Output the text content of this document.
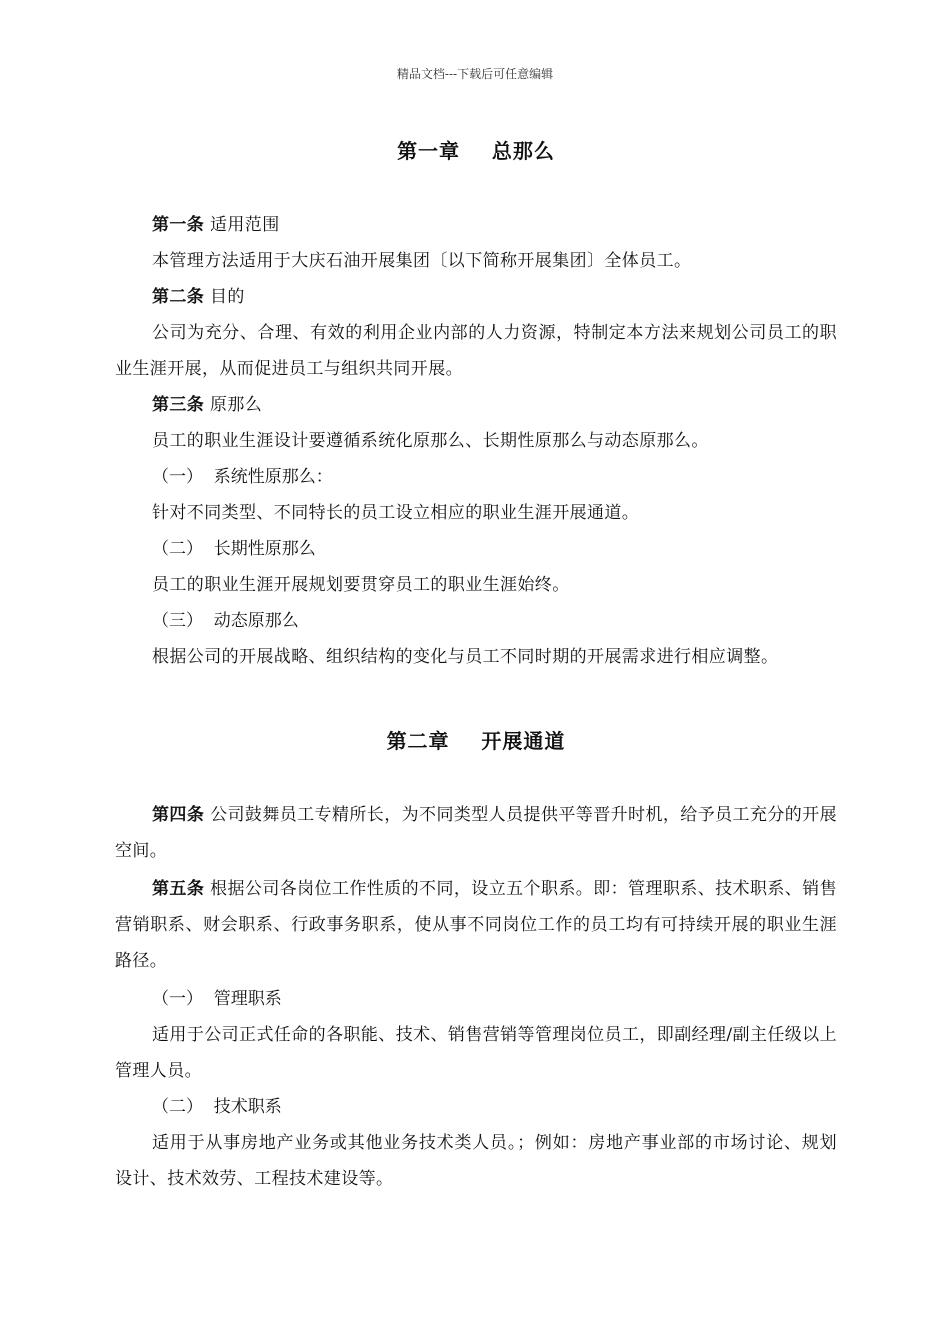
精品文档---下载后可任意编辑
第一章    总那么
第一条 适用范围
本管理方法适用于大庆石油开展集团〔以下简称开展集团〕全体员工。
第二条 目的
公司为充分、合理、有效的利用企业内部的人力资源，特制定本方法来规划公司员工的职业生涯开展，从而促进员工与组织共同开展。
第三条 原那么
员工的职业生涯设计要遵循系统化原那么、长期性原那么与动态原那么。
（一）  系统性原那么：
针对不同类型、不同特长的员工设立相应的职业生涯开展通道。
（二）  长期性原那么
员工的职业生涯开展规划要贯穿员工的职业生涯始终。
（三）  动态原那么
根据公司的开展战略、组织结构的变化与员工不同时期的开展需求进行相应调整。
第二章    开展通道
第四条 公司鼓舞员工专精所长，为不同类型人员提供平等晋升时机，给予员工充分的开展空间。
第五条 根据公司各岗位工作性质的不同，设立五个职系。即：管理职系、技术职系、销售营销职系、财会职系、行政事务职系，使从事不同岗位工作的员工均有可持续开展的职业生涯路径。
（一）  管理职系
适用于公司正式任命的各职能、技术、销售营销等管理岗位员工，即副经理/副主任级以上管理人员。
（二）  技术职系
适用于从事房地产业务或其他业务技术类人员。；例如：房地产事业部的市场讨论、规划设计、技术效劳、工程技术建设等。
